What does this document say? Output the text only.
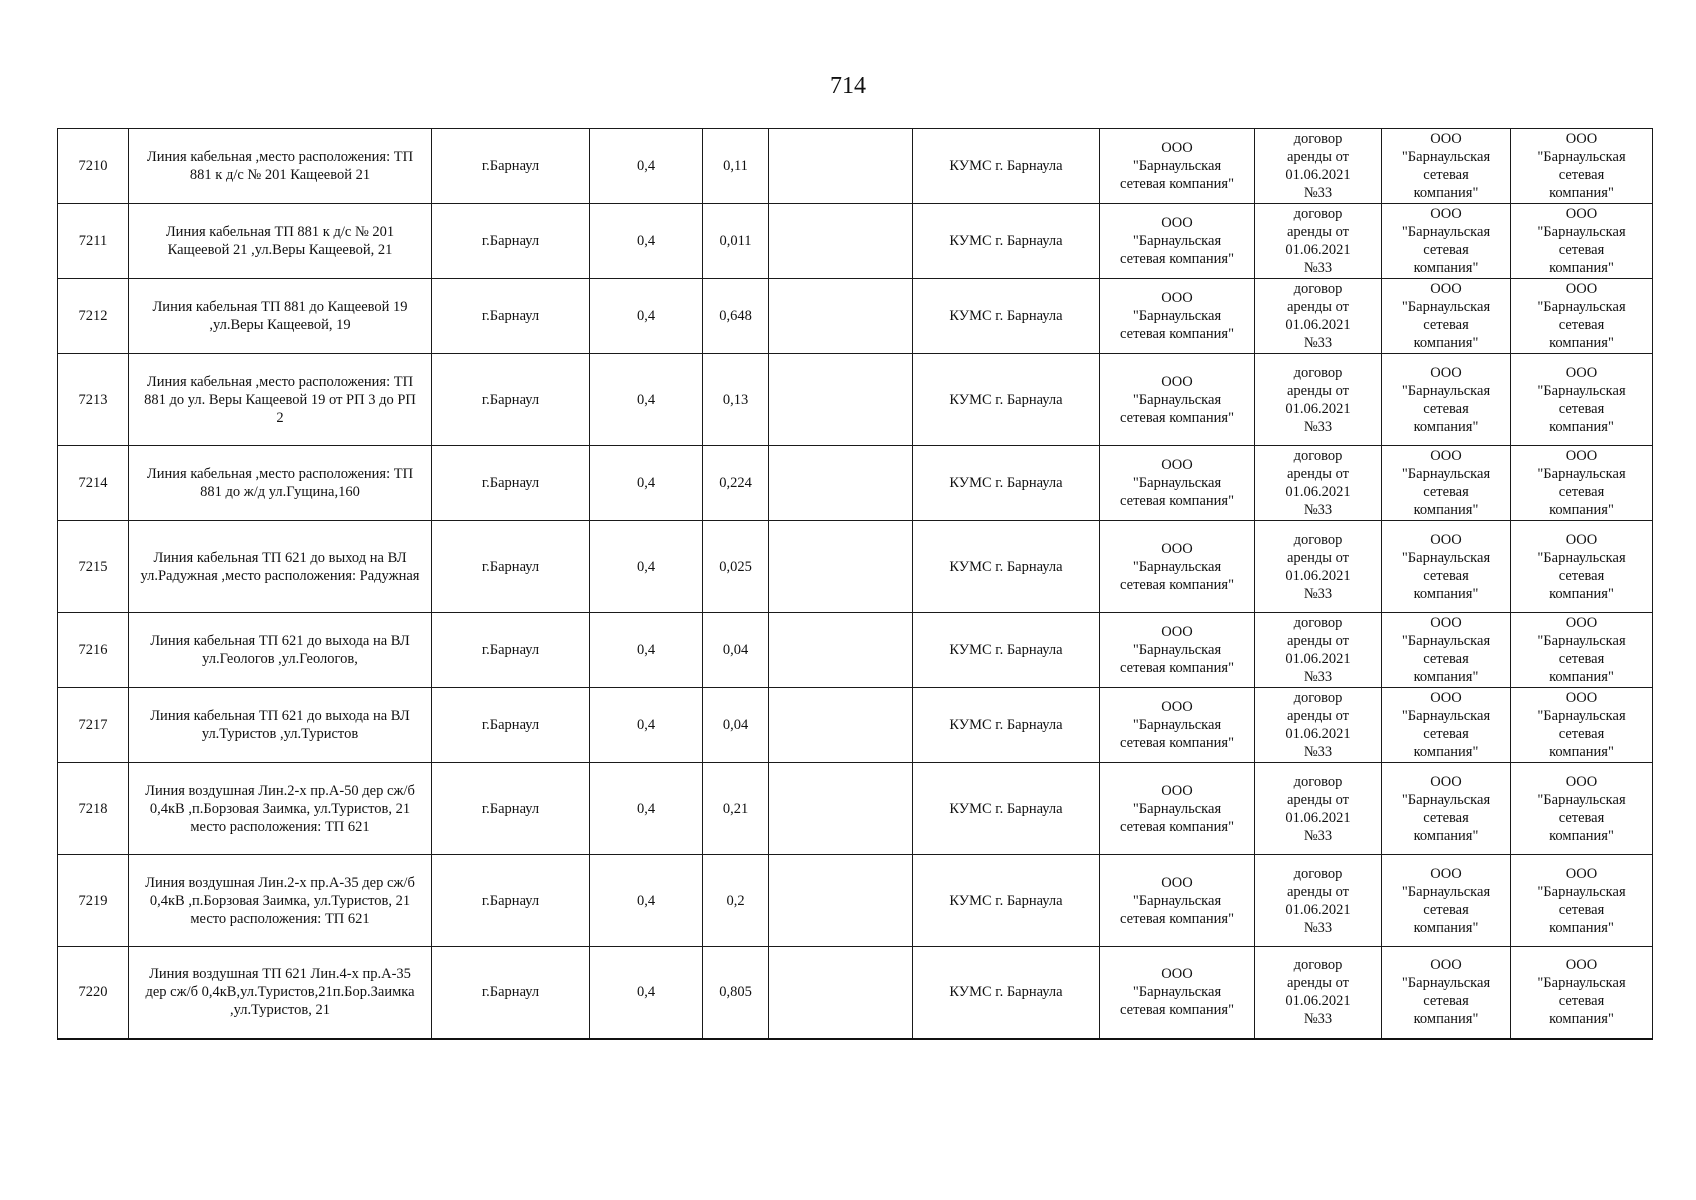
714
7210	Линия кабельная ,место расположения: ТП 881 к д/с № 201 Кащеевой 21	г.Барнаул	0,4	0,11		КУМС г. Барнаула	ООО
"Барнаульская
сетевая компания"	договор
аренды от
01.06.2021
№33	ООО
"Барнаульская
сетевая
компания"	ООО
"Барнаульская
сетевая
компания"
7211	Линия кабельная ТП 881 к д/с № 201 Кащеевой 21 ,ул.Веры Кащеевой, 21	г.Барнаул	0,4	0,011		КУМС г. Барнаула	ООО
"Барнаульская
сетевая компания"	договор
аренды от
01.06.2021
№33	ООО
"Барнаульская
сетевая
компания"	ООО
"Барнаульская
сетевая
компания"
7212	Линия кабельная ТП 881 до Кащеевой 19 ,ул.Веры Кащеевой, 19	г.Барнаул	0,4	0,648		КУМС г. Барнаула	ООО
"Барнаульская
сетевая компания"	договор
аренды от
01.06.2021
№33	ООО
"Барнаульская
сетевая
компания"	ООО
"Барнаульская
сетевая
компания"
7213	Линия кабельная ,место расположения: ТП 881 до ул. Веры Кащеевой 19 от РП 3 до РП 2	г.Барнаул	0,4	0,13		КУМС г. Барнаула	ООО
"Барнаульская
сетевая компания"	договор
аренды от
01.06.2021
№33	ООО
"Барнаульская
сетевая
компания"	ООО
"Барнаульская
сетевая
компания"
7214	Линия кабельная ,место расположения: ТП 881 до ж/д ул.Гущина,160	г.Барнаул	0,4	0,224		КУМС г. Барнаула	ООО
"Барнаульская
сетевая компания"	договор
аренды от
01.06.2021
№33	ООО
"Барнаульская
сетевая
компания"	ООО
"Барнаульская
сетевая
компания"
7215	Линия кабельная ТП 621 до выход на ВЛ ул.Радужная ,место расположения: Радужная	г.Барнаул	0,4	0,025		КУМС г. Барнаула	ООО
"Барнаульская
сетевая компания"	договор
аренды от
01.06.2021
№33	ООО
"Барнаульская
сетевая
компания"	ООО
"Барнаульская
сетевая
компания"
7216	Линия кабельная ТП 621 до выхода на ВЛ ул.Геологов ,ул.Геологов,	г.Барнаул	0,4	0,04		КУМС г. Барнаула	ООО
"Барнаульская
сетевая компания"	договор
аренды от
01.06.2021
№33	ООО
"Барнаульская
сетевая
компания"	ООО
"Барнаульская
сетевая
компания"
7217	Линия кабельная ТП 621 до выхода на ВЛ ул.Туристов ,ул.Туристов	г.Барнаул	0,4	0,04		КУМС г. Барнаула	ООО
"Барнаульская
сетевая компания"	договор
аренды от
01.06.2021
№33	ООО
"Барнаульская
сетевая
компания"	ООО
"Барнаульская
сетевая
компания"
7218	Линия воздушная Лин.2-х пр.А-50 дер сж/б 0,4кВ ,п.Борзовая Заимка, ул.Туристов, 21 место расположения: ТП 621	г.Барнаул	0,4	0,21		КУМС г. Барнаула	ООО
"Барнаульская
сетевая компания"	договор
аренды от
01.06.2021
№33	ООО
"Барнаульская
сетевая
компания"	ООО
"Барнаульская
сетевая
компания"
7219	Линия воздушная Лин.2-х пр.А-35 дер сж/б 0,4кВ ,п.Борзовая Заимка, ул.Туристов, 21 место расположения: ТП 621	г.Барнаул	0,4	0,2		КУМС г. Барнаула	ООО
"Барнаульская
сетевая компания"	договор
аренды от
01.06.2021
№33	ООО
"Барнаульская
сетевая
компания"	ООО
"Барнаульская
сетевая
компания"
7220	Линия воздушная ТП 621 Лин.4-х пр.А-35 дер сж/б 0,4кВ,ул.Туристов,21п.Бор.Заимка ,ул.Туристов, 21	г.Барнаул	0,4	0,805		КУМС г. Барнаула	ООО
"Барнаульская
сетевая компания"	договор
аренды от
01.06.2021
№33	ООО
"Барнаульская
сетевая
компания"	ООО
"Барнаульская
сетевая
компания"
